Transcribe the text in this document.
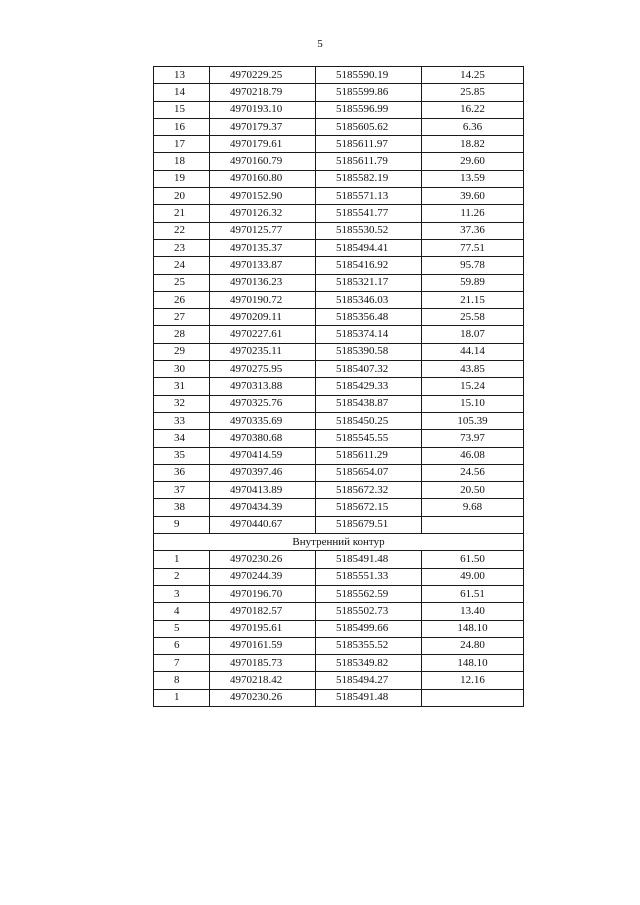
5
13	4970229.25	5185590.19	14.25
14	4970218.79	5185599.86	25.85
15	4970193.10	5185596.99	16.22
16	4970179.37	5185605.62	6.36
17	4970179.61	5185611.97	18.82
18	4970160.79	5185611.79	29.60
19	4970160.80	5185582.19	13.59
20	4970152.90	5185571.13	39.60
21	4970126.32	5185541.77	11.26
22	4970125.77	5185530.52	37.36
23	4970135.37	5185494.41	77.51
24	4970133.87	5185416.92	95.78
25	4970136.23	5185321.17	59.89
26	4970190.72	5185346.03	21.15
27	4970209.11	5185356.48	25.58
28	4970227.61	5185374.14	18.07
29	4970235.11	5185390.58	44.14
30	4970275.95	5185407.32	43.85
31	4970313.88	5185429.33	15.24
32	4970325.76	5185438.87	15.10
33	4970335.69	5185450.25	105.39
34	4970380.68	5185545.55	73.97
35	4970414.59	5185611.29	46.08
36	4970397.46	5185654.07	24.56
37	4970413.89	5185672.32	20.50
38	4970434.39	5185672.15	9.68
9	4970440.67	5185679.51	
Внутренний контур			
1	4970230.26	5185491.48	61.50
2	4970244.39	5185551.33	49.00
3	4970196.70	5185562.59	61.51
4	4970182.57	5185502.73	13.40
5	4970195.61	5185499.66	148.10
6	4970161.59	5185355.52	24.80
7	4970185.73	5185349.82	148.10
8	4970218.42	5185494.27	12.16
1	4970230.26	5185491.48	
